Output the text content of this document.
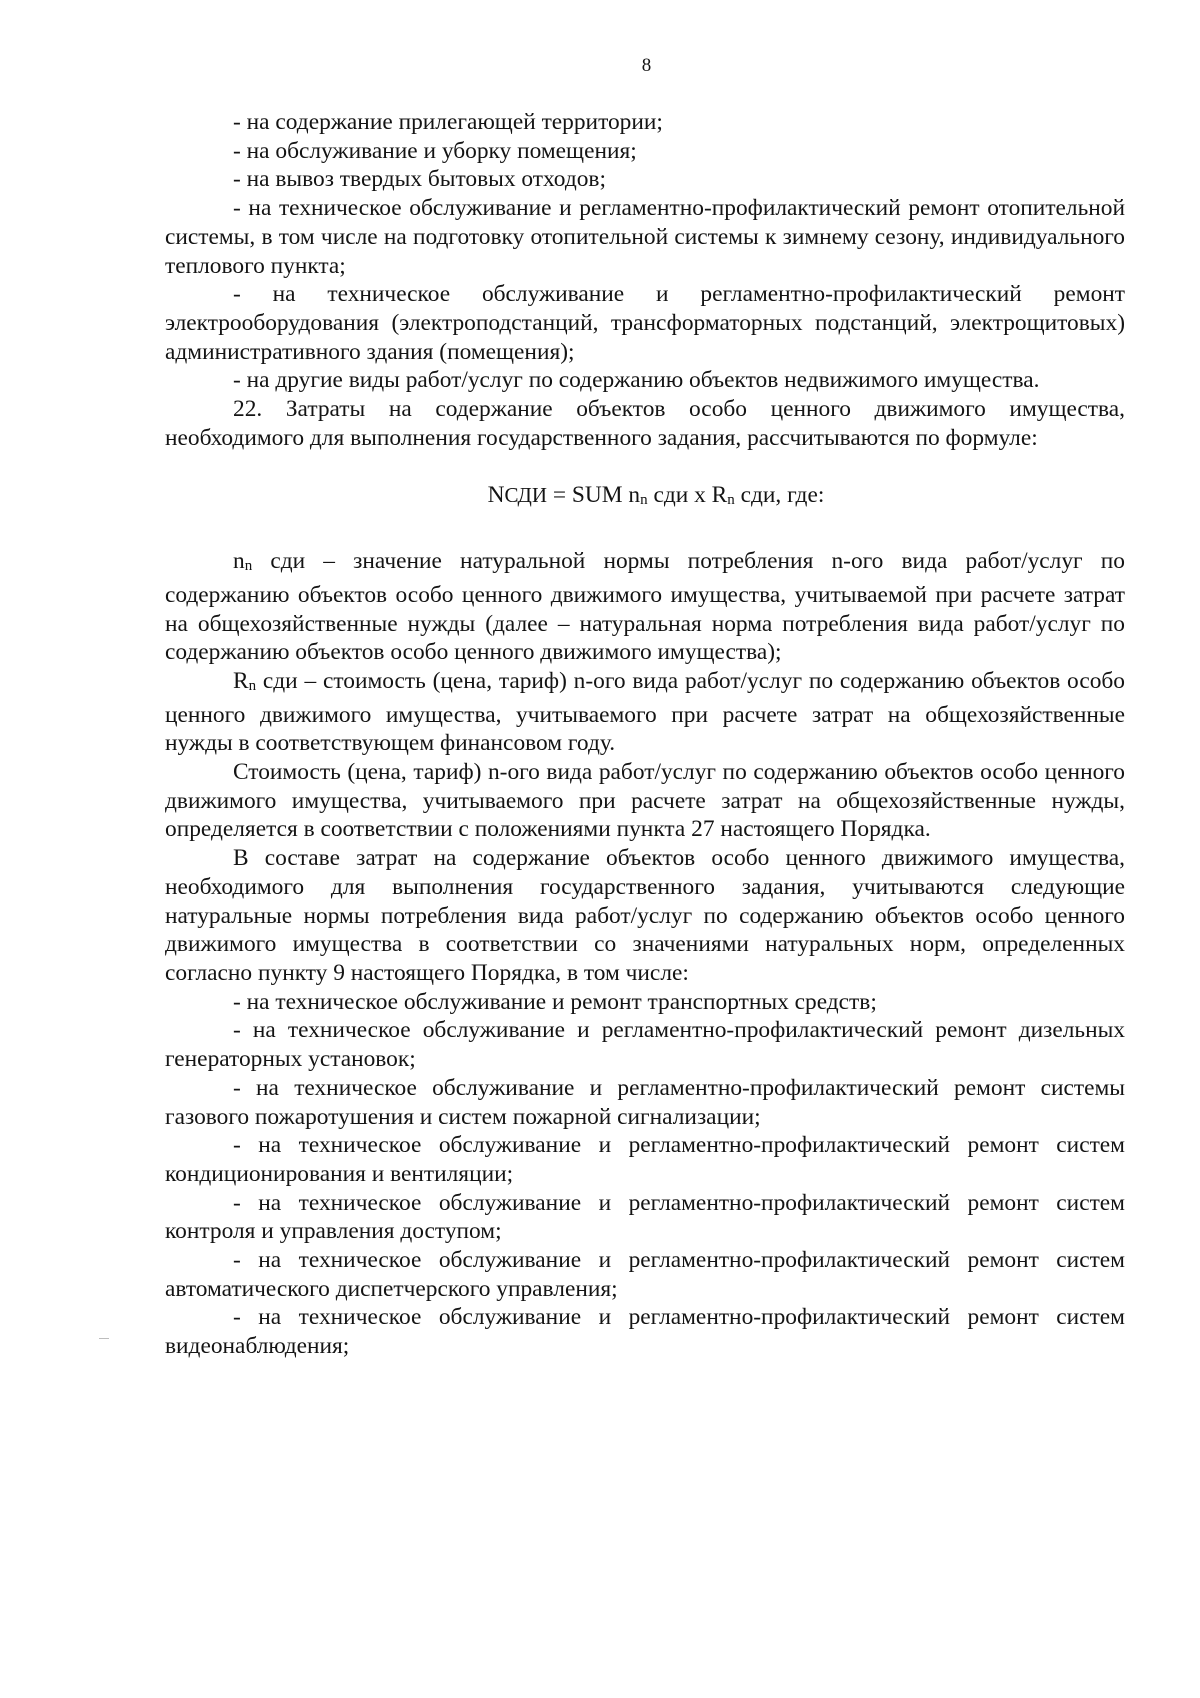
8

- на содержание прилегающей территории;

- на обслуживание и уборку помещения;

- на вывоз твердых бытовых отходов;

- на техническое обслуживание и регламентно-профилактический ремонт отопительной системы, в том числе на подготовку отопительной системы к зимнему сезону, индивидуального теплового пункта;

- на техническое обслуживание и регламентно-профилактический ремонт электрооборудования (электроподстанций, трансформаторных подстанций, электрощитовых) административного здания (помещения);

- на другие виды работ/услуг по содержанию объектов недвижимого имущества.

22. Затраты на содержание объектов особо ценного движимого имущества, необходимого для выполнения государственного задания, рассчитываются по формуле:

NСДИ = SUM $n_n$ сди x $R_n$ сди, где:

$n_n$ сди – значение натуральной нормы потребления n-ого вида работ/услуг по содержанию объектов особо ценного движимого имущества, учитываемой при расчете затрат на общехозяйственные нужды (далее – натуральная норма потребления вида работ/услуг по содержанию объектов особо ценного движимого имущества);

$R_n$ сди – стоимость (цена, тариф) n-ого вида работ/услуг по содержанию объектов особо ценного движимого имущества, учитываемого при расчете затрат на общехозяйственные нужды в соответствующем финансовом году.

Стоимость (цена, тариф) n-ого вида работ/услуг по содержанию объектов особо ценного движимого имущества, учитываемого при расчете затрат на общехозяйственные нужды, определяется в соответствии с положениями пункта 27 настоящего Порядка.

В составе затрат на содержание объектов особо ценного движимого имущества, необходимого для выполнения государственного задания, учитываются следующие натуральные нормы потребления вида работ/услуг по содержанию объектов особо ценного движимого имущества в соответствии со значениями натуральных норм, определенных согласно пункту 9 настоящего Порядка, в том числе:

- на техническое обслуживание и ремонт транспортных средств;

- на техническое обслуживание и регламентно-профилактический ремонт дизельных генераторных установок;

- на техническое обслуживание и регламентно-профилактический ремонт системы газового пожаротушения и систем пожарной сигнализации;

- на техническое обслуживание и регламентно-профилактический ремонт систем кондиционирования и вентиляции;

- на техническое обслуживание и регламентно-профилактический ремонт систем контроля и управления доступом;

- на техническое обслуживание и регламентно-профилактический ремонт систем автоматического диспетчерского управления;

- на техническое обслуживание и регламентно-профилактический ремонт систем видеонаблюдения;
